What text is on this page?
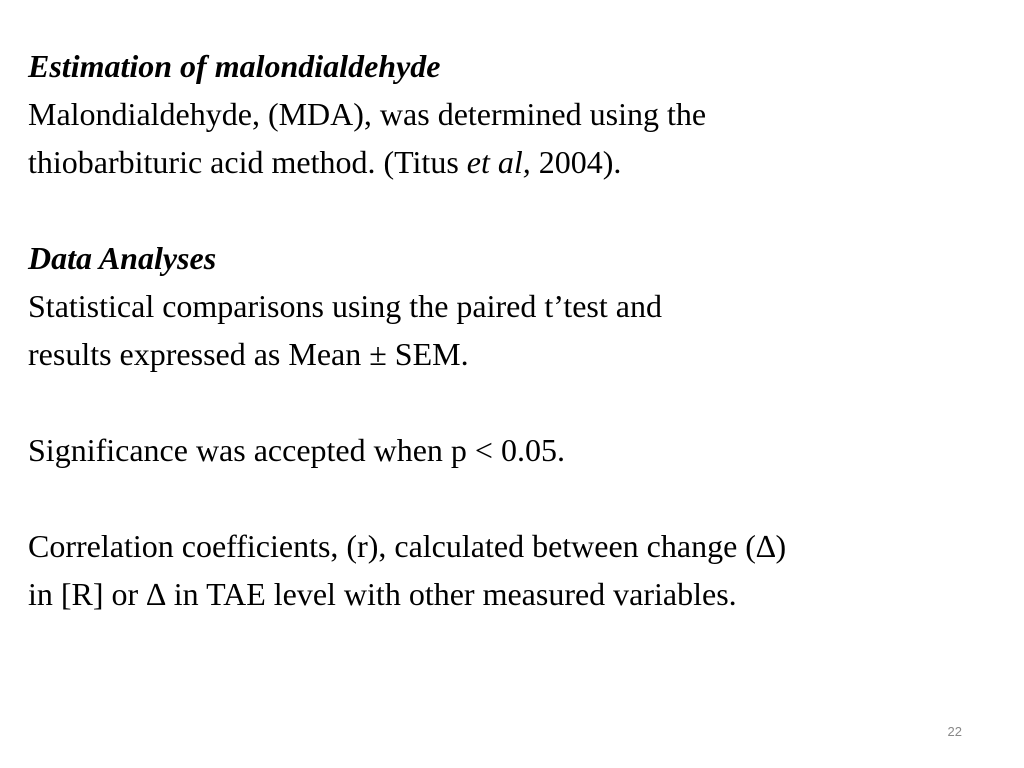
Estimation of malondialdehyde
Malondialdehyde, (MDA), was determined using the
thiobarbituric acid method. (Titus et al, 2004).
Data Analyses
Statistical comparisons using the paired t’test and
results expressed as Mean ± SEM.
Significance was accepted when p < 0.05.
Correlation coefficients, (r), calculated between change (∆)
in [R] or ∆ in TAE level with other measured variables.
22
